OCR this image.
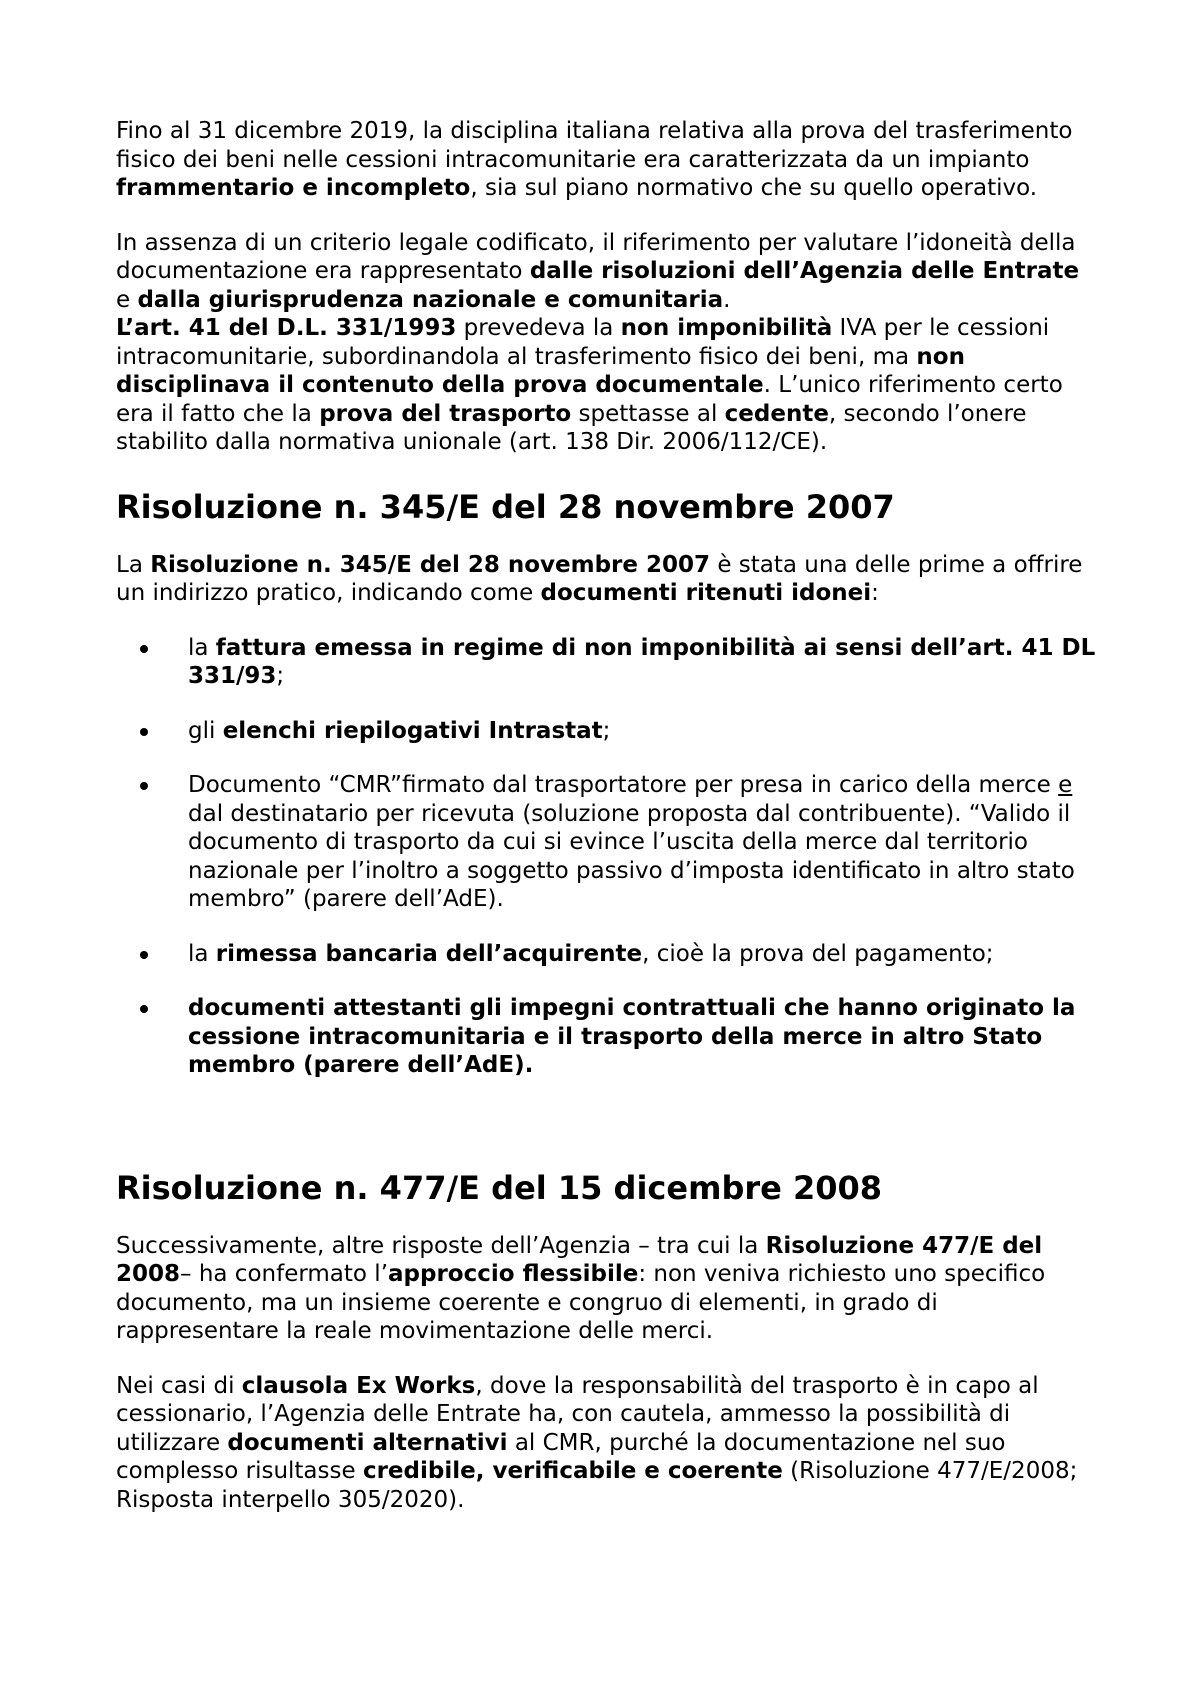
Fino al 31 dicembre 2019, la disciplina italiana relativa alla prova del trasferimento fisico dei beni nelle cessioni intracomunitarie era caratterizzata da un impianto frammentario e incompleto, sia sul piano normativo che su quello operativo.

In assenza di un criterio legale codificato, il riferimento per valutare l’idoneità della documentazione era rappresentato dalle risoluzioni dell’Agenzia delle Entrate e dalla giurisprudenza nazionale e comunitaria.

L’art. 41 del D.L. 331/1993 prevedeva la non imponibilità IVA per le cessioni intracomunitarie, subordinandola al trasferimento fisico dei beni, ma non disciplinava il contenuto della prova documentale. L’unico riferimento certo era il fatto che la prova del trasporto spettasse al cedente, secondo l’onere stabilito dalla normativa unionale (art. 138 Dir. 2006/112/CE).

Risoluzione n. 345/E del 28 novembre 2007

La Risoluzione n. 345/E del 28 novembre 2007 è stata una delle prime a offrire un indirizzo pratico, indicando come documenti ritenuti idonei:

la fattura emessa in regime di non imponibilità ai sensi dell’art. 41 DL 331/93;
gli elenchi riepilogativi Intrastat;
Documento “CMR”firmato dal trasportatore per presa in carico della merce e dal destinatario per ricevuta (soluzione proposta dal contribuente). “Valido il documento di trasporto da cui si evince l’uscita della merce dal territorio nazionale per l’inoltro a soggetto passivo d’imposta identificato in altro stato membro” (parere dell’AdE).
la rimessa bancaria dell’acquirente, cioè la prova del pagamento;
documenti attestanti gli impegni contrattuali che hanno originato la cessione intracomunitaria e il trasporto della merce in altro Stato membro (parere dell’AdE).
Risoluzione n. 477/E del 15 dicembre 2008

Successivamente, altre risposte dell’Agenzia – tra cui la Risoluzione 477/E del 2008– ha confermato l’approccio flessibile: non veniva richiesto uno specifico documento, ma un insieme coerente e congruo di elementi, in grado di rappresentare la reale movimentazione delle merci.

Nei casi di clausola Ex Works, dove la responsabilità del trasporto è in capo al cessionario, l’Agenzia delle Entrate ha, con cautela, ammesso la possibilità di utilizzare documenti alternativi al CMR, purché la documentazione nel suo complesso risultasse credibile, verificabile e coerente (Risoluzione 477/E/2008; Risposta interpello 305/2020).
